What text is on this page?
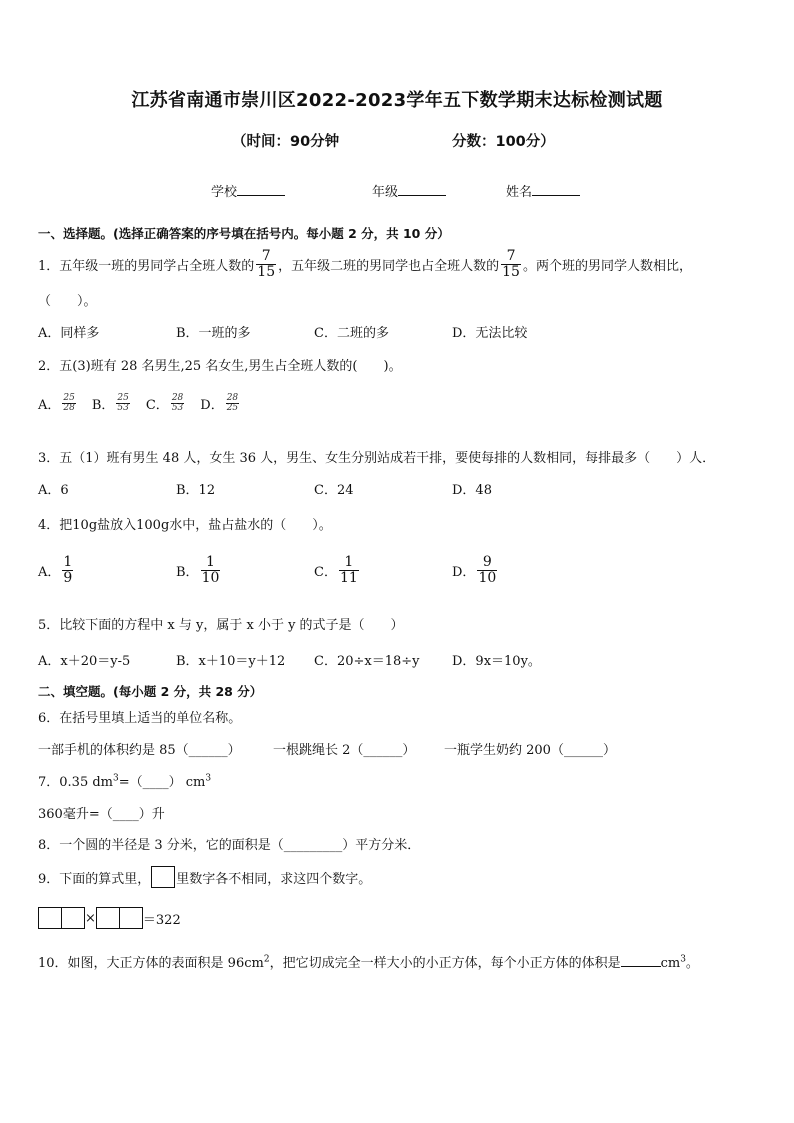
江苏省南通市崇川区2022-2023学年五下数学期末达标检测试题
（时间：90分钟	分数：100分）
学校	年级	姓名
一、选择题。(选择正确答案的序号填在括号内。每小题 2 分，共 10 分）
1．五年级一班的男同学占全班人数的 $\frac{7}{15}$ ，五年级二班的男同学也占全班人数的 $\frac{7}{15}$ 。两个班的男同学人数相比，
（　　）。
A．同样多	B．一班的多	C．二班的多	D．无法比较
2．五(3)班有 28 名男生,25 名女生,男生占全班人数的(　　)。
A． $\frac{25}{28}$ B． $\frac{25}{53}$ C． $\frac{28}{53}$ D． $\frac{28}{25}$
3．五（1）班有男生 48 人，女生 36 人，男生、女生分别站成若干排，要使每排的人数相同，每排最多（　　）人．
A．6	B．12	C．24	D．48
4．把10g盐放入100g水中，盐占盐水的（　　）。
A． $\frac{1}{9}$	B． $\frac{1}{10}$	C． $\frac{1}{11}$	D． $\frac{9}{10}$
5．比较下面的方程中 x 与 y，属于 x 小于 y 的式子是（　　）
A．x＋20＝y-5	B．x＋10＝y＋12 C．20÷x＝18÷y	D．9x＝10y。
二、填空题。(每小题 2 分，共 28 分）
6．在括号里填上适当的单位名称。
一部手机的体积约是 85（______） 一根跳绳长 2（______） 一瓶学生奶约 200（______）
7．0.35 $dm^3=(\_\_\_\_)$ $cm^3$
360毫升=（____）升
8．一个圆的半径是 3 分米，它的面积是（_________）平方分米．
9．下面的算式里， 里数字各不相同，求这四个数字。
×	＝322
10．如图，大正方体的表面积是 $96cm^2$，把它切成完全一样大小的小正方体，每个小正方体的体积是	$cm^3$。
